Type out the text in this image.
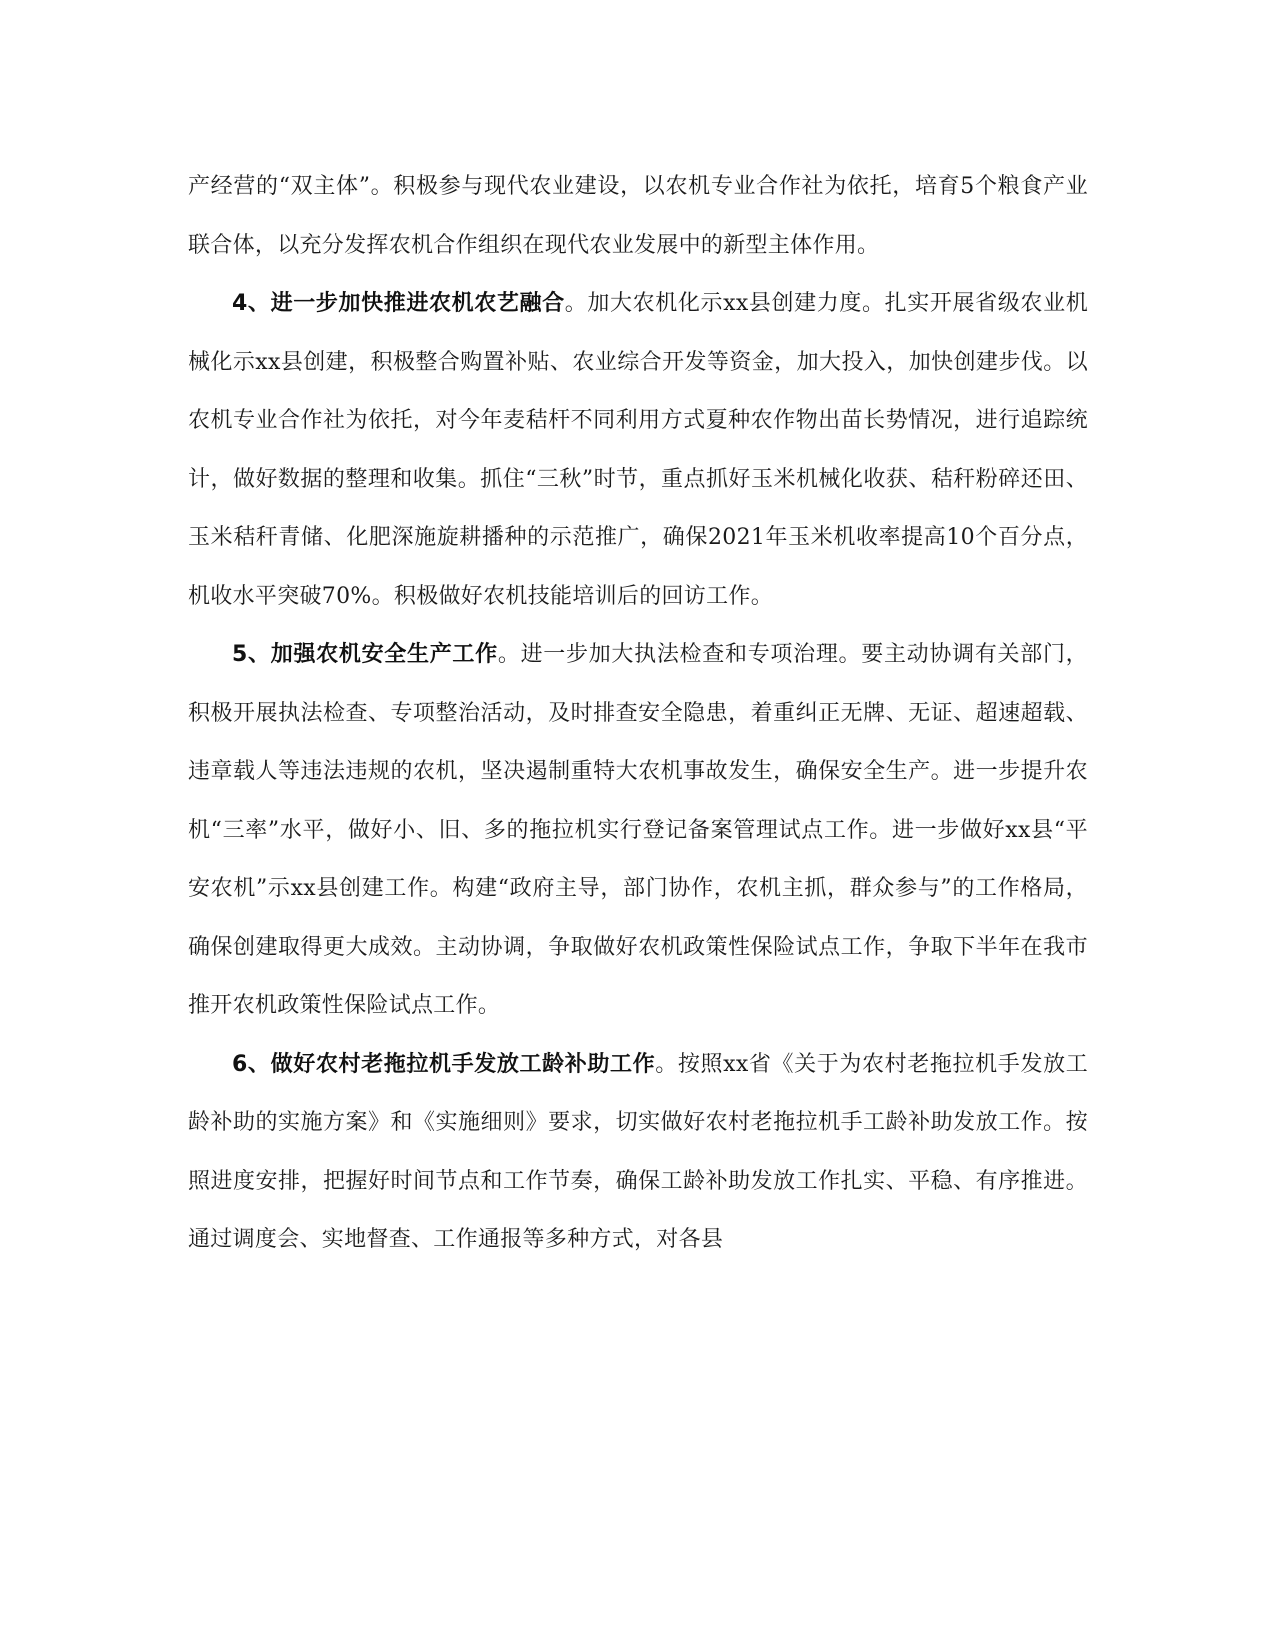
产经营的“双主体”。积极参与现代农业建设，以农机专业合作社为依托，培育5个粮食产业联合体，以充分发挥农机合作组织在现代农业发展中的新型主体作用。

4、进一步加快推进农机农艺融合。加大农机化示xx县创建力度。扎实开展省级农业机械化示xx县创建，积极整合购置补贴、农业综合开发等资金，加大投入，加快创建步伐。以农机专业合作社为依托，对今年麦秸杆不同利用方式夏种农作物出苗长势情况，进行追踪统计，做好数据的整理和收集。抓住“三秋”时节，重点抓好玉米机械化收获、秸秆粉碎还田、玉米秸秆青储、化肥深施旋耕播种的示范推广，确保2021年玉米机收率提高10个百分点，机收水平突破70%。积极做好农机技能培训后的回访工作。

5、加强农机安全生产工作。进一步加大执法检查和专项治理。要主动协调有关部门，积极开展执法检查、专项整治活动，及时排查安全隐患，着重纠正无牌、无证、超速超载、违章载人等违法违规的农机，坚决遏制重特大农机事故发生，确保安全生产。进一步提升农机“三率”水平，做好小、旧、多的拖拉机实行登记备案管理试点工作。进一步做好xx县“平安农机”示xx县创建工作。构建“政府主导，部门协作，农机主抓，群众参与”的工作格局，确保创建取得更大成效。主动协调，争取做好农机政策性保险试点工作，争取下半年在我市推开农机政策性保险试点工作。

6、做好农村老拖拉机手发放工龄补助工作。按照xx省《关于为农村老拖拉机手发放工龄补助的实施方案》和《实施细则》要求，切实做好农村老拖拉机手工龄补助发放工作。按照进度安排，把握好时间节点和工作节奏，确保工龄补助发放工作扎实、平稳、有序推进。通过调度会、实地督查、工作通报等多种方式，对各县
